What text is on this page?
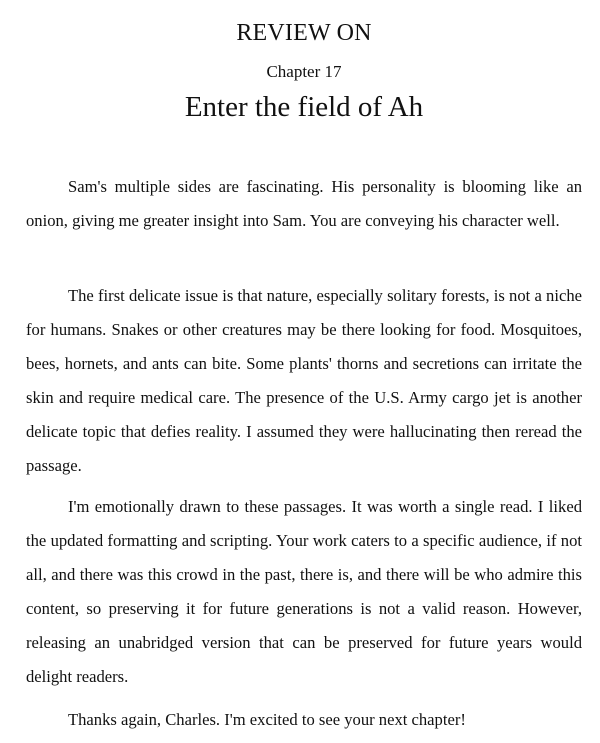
REVIEW ON
Chapter 17
Enter the field of Ah

Sam's multiple sides are fascinating. His personality is blooming like an onion, giving me greater insight into Sam. You are conveying his character well.

The first delicate issue is that nature, especially solitary forests, is not a niche for humans. Snakes or other creatures may be there looking for food. Mosquitoes, bees, hornets, and ants can bite. Some plants' thorns and secretions can irritate the skin and require medical care. The presence of the U.S. Army cargo jet is another delicate topic that defies reality. I assumed they were hallucinating then reread the passage.

I'm emotionally drawn to these passages. It was worth a single read. I liked the updated formatting and scripting. Your work caters to a specific audience, if not all, and there was this crowd in the past, there is, and there will be who admire this content, so preserving it for future generations is not a valid reason. However, releasing an unabridged version that can be preserved for future years would delight readers.

Thanks again, Charles. I'm excited to see your next chapter!
